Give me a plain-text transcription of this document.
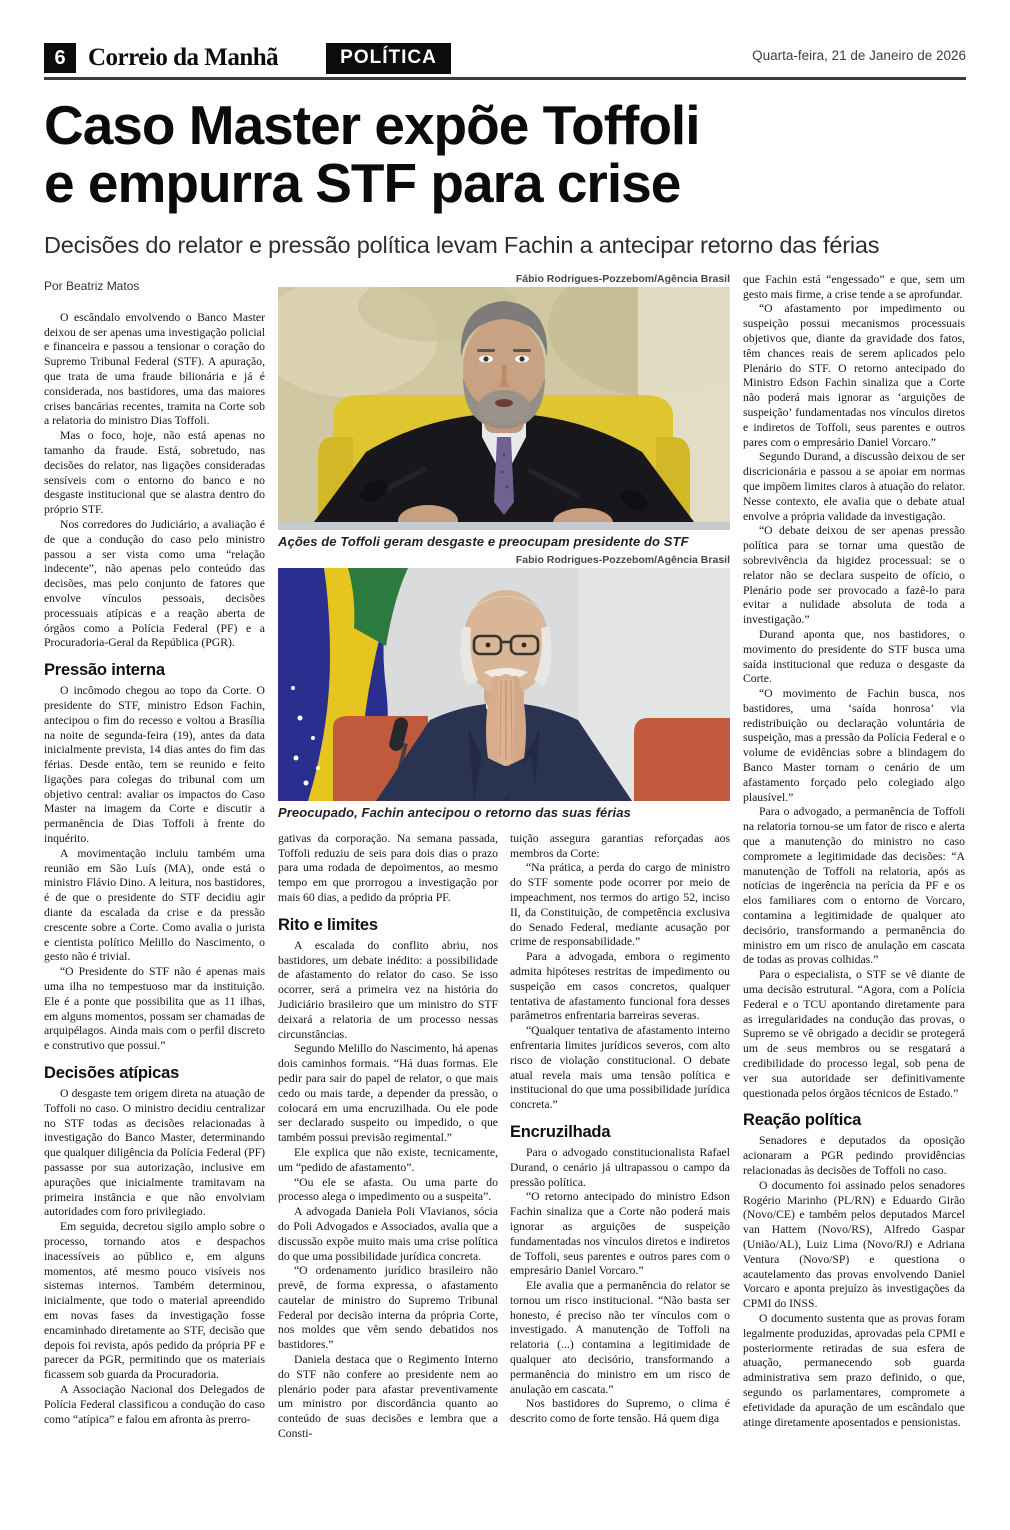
6 Correio da Manhã	POLÍTICA	Quarta-feira, 21 de Janeiro de 2026
Caso Master expõe Toffoli
e empurra STF para crise
Decisões do relator e pressão política levam Fachin a antecipar retorno das férias
Por Beatriz Matos

O escândalo envolvendo o Banco Master deixou de ser apenas uma investigação policial e financeira e passou a tensionar o coração do Supremo Tribunal Federal (STF). A apuração, que trata de uma fraude bilionária e já é considerada, nos bastidores, uma das maiores crises bancárias recentes, tramita na Corte sob a relatoria do ministro Dias Toffoli.

Mas o foco, hoje, não está apenas no tamanho da fraude. Está, sobretudo, nas decisões do relator, nas ligações consideradas sensíveis com o entorno do banco e no desgaste institucional que se alastra dentro do próprio STF.

Nos corredores do Judiciário, a avaliação é de que a condução do caso pelo ministro passou a ser vista como uma “relação indecente”, não apenas pelo conteúdo das decisões, mas pelo conjunto de fatores que envolve vínculos pessoais, decisões processuais atípicas e a reação aberta de órgãos como a Polícia Federal (PF) e a Procuradoria-Geral da República (PGR).

Pressão interna

O incômodo chegou ao topo da Corte. O presidente do STF, ministro Edson Fachin, antecipou o fim do recesso e voltou a Brasília na noite de segunda-feira (19), antes da data inicialmente prevista, 14 dias antes do fim das férias. Desde então, tem se reunido e feito ligações para colegas do tribunal com um objetivo central: avaliar os impactos do Caso Master na imagem da Corte e discutir a permanência de Dias Toffoli à frente do inquérito.

A movimentação incluiu também uma reunião em São Luís (MA), onde está o ministro Flávio Dino. A leitura, nos bastidores, é de que o presidente do STF decidiu agir diante da escalada da crise e da pressão crescente sobre a Corte. Como avalia o jurista e cientista político Melillo do Nascimento, o gesto não é trivial.

“O Presidente do STF não é apenas mais uma ilha no tempestuoso mar da instituição. Ele é a ponte que possibilita que as 11 ilhas, em alguns momentos, possam ser chamadas de arquipélagos. Ainda mais com o perfil discreto e construtivo que possui.”

Decisões atípicas

O desgaste tem origem direta na atuação de Toffoli no caso. O ministro decidiu centralizar no STF todas as decisões relacionadas à investigação do Banco Master, determinando que qualquer diligência da Polícia Federal (PF) passasse por sua autorização, inclusive em apurações que inicialmente tramitavam na primeira instância e que não envolviam autoridades com foro privilegiado.

Em seguida, decretou sigilo amplo sobre o processo, tornando atos e despachos inacessíveis ao público e, em alguns momentos, até mesmo pouco visíveis nos sistemas internos. Também determinou, inicialmente, que todo o material apreendido em novas fases da investigação fosse encaminhado diretamente ao STF, decisão que depois foi revista, após pedido da própria PF e parecer da PGR, permitindo que os materiais ficassem sob guarda da Procuradoria.

A Associação Nacional dos Delegados de Polícia Federal classificou a condução do caso como “atípica” e falou em afronta às prerro-

Fábio Rodrigues-Pozzebom/Agência Brasil
Ações de Toffoli geram desgaste e preocupam presidente do STF
Fabio Rodrigues-Pozzebom/Agência Brasil
Preocupado, Fachin antecipou o retorno das suas férias

gativas da corporação. Na semana passada, Toffoli reduziu de seis para dois dias o prazo para uma rodada de depoimentos, ao mesmo tempo em que prorrogou a investigação por mais 60 dias, a pedido da própria PF.

Rito e limites

A escalada do conflito abriu, nos bastidores, um debate inédito: a possibilidade de afastamento do relator do caso. Se isso ocorrer, será a primeira vez na história do Judiciário brasileiro que um ministro do STF deixará a relatoria de um processo nessas circunstâncias.

Segundo Melillo do Nascimento, há apenas dois caminhos formais. “Há duas formas. Ele pedir para sair do papel de relator, o que mais cedo ou mais tarde, a depender da pressão, o colocará em uma encruzilhada. Ou ele pode ser declarado suspeito ou impedido, o que também possui previsão regimental.”

Ele explica que não existe, tecnicamente, um “pedido de afastamento”.

“Ou ele se afasta. Ou uma parte do processo alega o impedimento ou a suspeita”.

A advogada Daniela Poli Vlavianos, sócia do Poli Advogados e Associados, avalia que a discussão expõe muito mais uma crise política do que uma possibilidade jurídica concreta.

“O ordenamento jurídico brasileiro não prevê, de forma expressa, o afastamento cautelar de ministro do Supremo Tribunal Federal por decisão interna da própria Corte, nos moldes que vêm sendo debatidos nos bastidores.”

Daniela destaca que o Regimento Interno do STF não confere ao presidente nem ao plenário poder para afastar preventivamente um ministro por discordância quanto ao conteúdo de suas decisões e lembra que a Consti-

tuição assegura garantias reforçadas aos membros da Corte:

“Na prática, a perda do cargo de ministro do STF somente pode ocorrer por meio de impeachment, nos termos do artigo 52, inciso II, da Constituição, de competência exclusiva do Senado Federal, mediante acusação por crime de responsabilidade.”

Para a advogada, embora o regimento admita hipóteses restritas de impedimento ou suspeição em casos concretos, qualquer tentativa de afastamento funcional fora desses parâmetros enfrentaria barreiras severas.

“Qualquer tentativa de afastamento interno enfrentaria limites jurídicos severos, com alto risco de violação constitucional. O debate atual revela mais uma tensão política e institucional do que uma possibilidade jurídica concreta.”

Encruzilhada

Para o advogado constitucionalista Rafael Durand, o cenário já ultrapassou o campo da pressão política.

“O retorno antecipado do ministro Edson Fachin sinaliza que a Corte não poderá mais ignorar as arguições de suspeição fundamentadas nos vínculos diretos e indiretos de Toffoli, seus parentes e outros pares com o empresário Daniel Vorcaro.”

Ele avalia que a permanência do relator se tornou um risco institucional. “Não basta ser honesto, é preciso não ter vínculos com o investigado. A manutenção de Toffoli na relatoria (...) contamina a legitimidade de qualquer ato decisório, transformando a permanência do ministro em um risco de anulação em cascata.”

Nos bastidores do Supremo, o clima é descrito como de forte tensão. Há quem diga

que Fachin está “engessado” e que, sem um gesto mais firme, a crise tende a se aprofundar.

“O afastamento por impedimento ou suspeição possui mecanismos processuais objetivos que, diante da gravidade dos fatos, têm chances reais de serem aplicados pelo Plenário do STF. O retorno antecipado do Ministro Edson Fachin sinaliza que a Corte não poderá mais ignorar as ‘arguições de suspeição’ fundamentadas nos vínculos diretos e indiretos de Toffoli, seus parentes e outros pares com o empresário Daniel Vorcaro.”

Segundo Durand, a discussão deixou de ser discricionária e passou a se apoiar em normas que impõem limites claros à atuação do relator. Nesse contexto, ele avalia que o debate atual envolve a própria validade da investigação.

“O debate deixou de ser apenas pressão política para se tornar uma questão de sobrevivência da higidez processual: se o relator não se declara suspeito de ofício, o Plenário pode ser provocado a fazê-lo para evitar a nulidade absoluta de toda a investigação.”

Durand aponta que, nos bastidores, o movimento do presidente do STF busca uma saída institucional que reduza o desgaste da Corte.

“O movimento de Fachin busca, nos bastidores, uma ‘saída honrosa’ via redistribuição ou declaração voluntária de suspeição, mas a pressão da Polícia Federal e o volume de evidências sobre a blindagem do Banco Master tornam o cenário de um afastamento forçado pelo colegiado algo plausível.”

Para o advogado, a permanência de Toffoli na relatoria tornou-se um fator de risco e alerta que a manutenção do ministro no caso compromete a legitimidade das decisões: “A manutenção de Toffoli na relatoria, após as notícias de ingerência na perícia da PF e os elos familiares com o entorno de Vorcaro, contamina a legitimidade de qualquer ato decisório, transformando a permanência do ministro em um risco de anulação em cascata de todas as provas colhidas.”

Para o especialista, o STF se vê diante de uma decisão estrutural. “Agora, com a Polícia Federal e o TCU apontando diretamente para as irregularidades na condução das provas, o Supremo se vê obrigado a decidir se protegerá um de seus membros ou se resgatará a credibilidade do processo legal, sob pena de ver sua autoridade ser definitivamente questionada pelos órgãos técnicos de Estado.”

Reação política

Senadores e deputados da oposição acionaram a PGR pedindo providências relacionadas às decisões de Toffoli no caso.

O documento foi assinado pelos senadores Rogério Marinho (PL/RN) e Eduardo Girão (Novo/CE) e também pelos deputados Marcel van Hattem (Novo/RS), Alfredo Gaspar (União/AL), Luiz Lima (Novo/RJ) e Adriana Ventura (Novo/SP) e questiona o acautelamento das provas envolvendo Daniel Vorcaro e aponta prejuízo às investigações da CPMI do INSS.

O documento sustenta que as provas foram legalmente produzidas, aprovadas pela CPMI e posteriormente retiradas de sua esfera de atuação, permanecendo sob guarda administrativa sem prazo definido, o que, segundo os parlamentares, compromete a efetividade da apuração de um escândalo que atinge diretamente aposentados e pensionistas.
